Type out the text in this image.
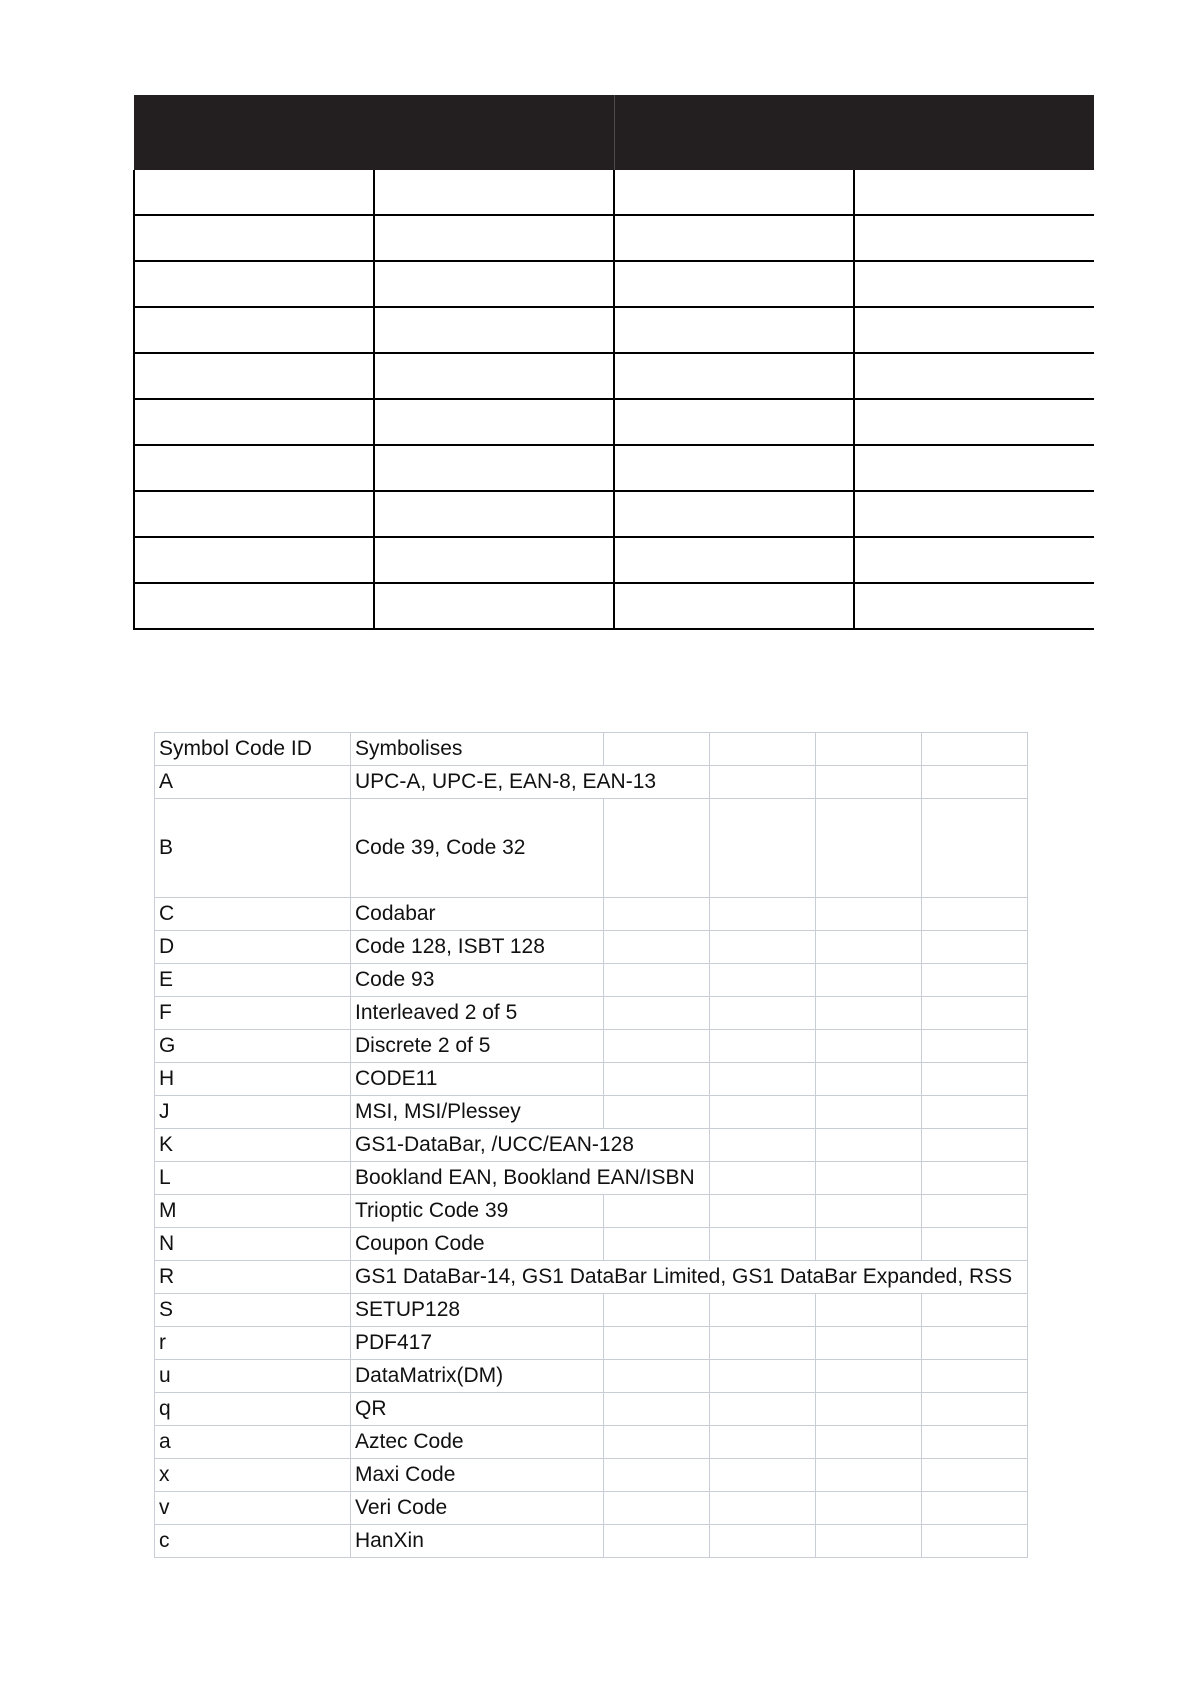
Symbol Code ID	Symbolises				
A	UPC-A, UPC-E, EAN-8, EAN-13				
B	Code 39, Code 32				
C	Codabar				
D	Code 128, ISBT 128				
E	Code 93				
F	Interleaved 2 of 5				
G	Discrete 2 of 5				
H	CODE11				
J	MSI, MSI/Plessey				
K	GS1-DataBar, /UCC/EAN-128				
L	Bookland EAN, Bookland EAN/ISBN				
M	Trioptic Code 39				
N	Coupon Code				
R	GS1 DataBar-14, GS1 DataBar Limited, GS1 DataBar Expanded, RSS				
S	SETUP128				
r	PDF417				
u	DataMatrix(DM)				
q	QR				
a	Aztec Code				
x	Maxi Code				
v	Veri Code				
c	HanXin				
